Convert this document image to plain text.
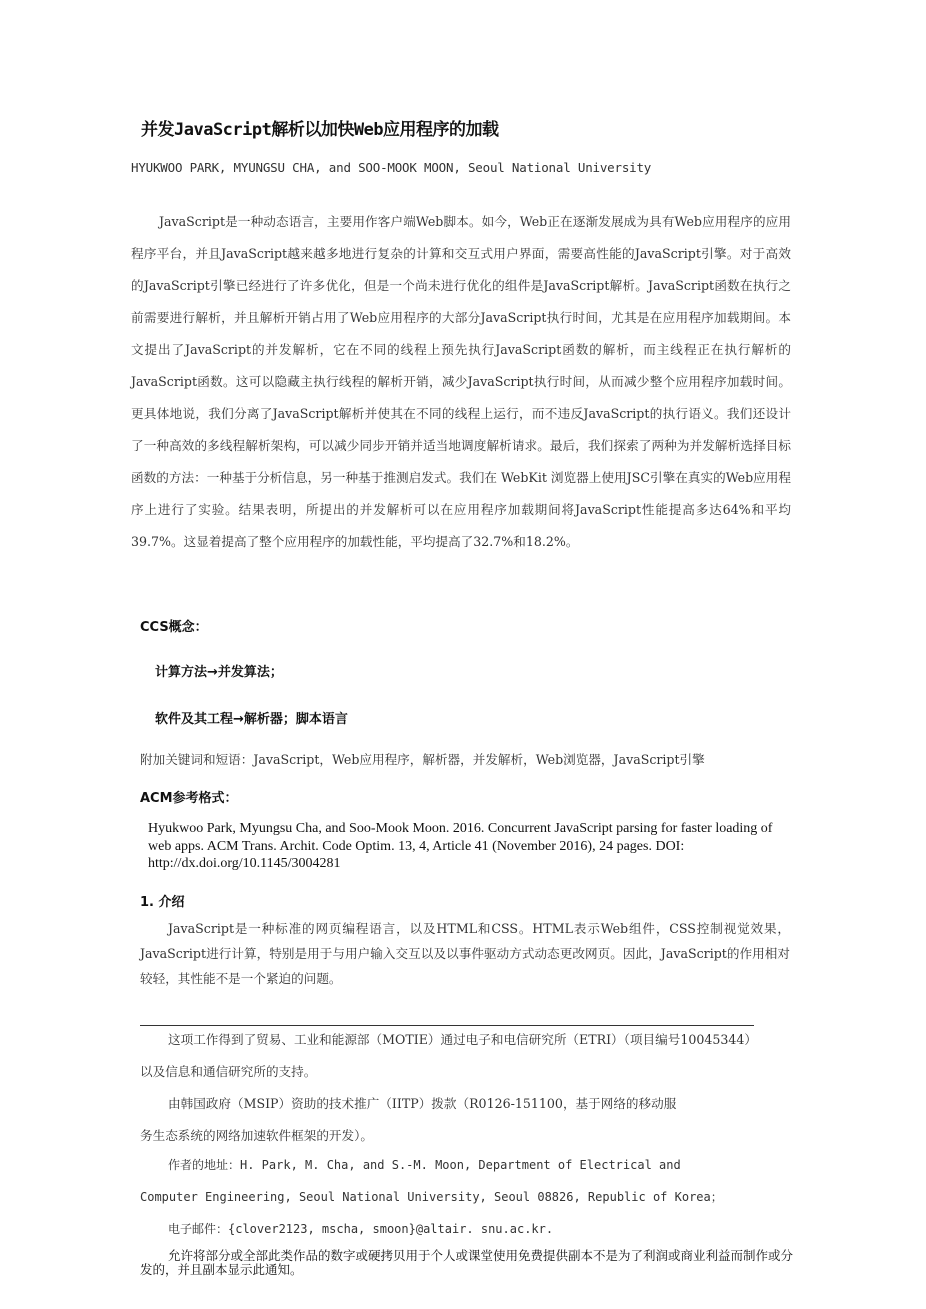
并发JavaScript解析以加快Web应用程序的加载
HYUKWOO PARK, MYUNGSU CHA, and SOO-MOOK MOON, Seoul National University

JavaScript是一种动态语言，主要用作客户端Web脚本。如今，Web正在逐渐发展成为具有Web应用程序的应用程序平台，并且JavaScript越来越多地进行复杂的计算和交互式用户界面，需要高性能的JavaScript引擎。对于高效的JavaScript引擎已经进行了许多优化，但是一个尚未进行优化的组件是JavaScript解析。JavaScript函数在执行之前需要进行解析，并且解析开销占用了Web应用程序的大部分JavaScript执行时间，尤其是在应用程序加载期间。本文提出了JavaScript的并发解析，它在不同的线程上预先执行JavaScript函数的解析，而主线程正在执行解析的JavaScript函数。这可以隐藏主执行线程的解析开销，减少JavaScript执行时间，从而减少整个应用程序加载时间。更具体地说，我们分离了JavaScript解析并使其在不同的线程上运行，而不违反JavaScript的执行语义。我们还设计了一种高效的多线程解析架构，可以减少同步开销并适当地调度解析请求。最后，我们探索了两种为并发解析选择目标函数的方法：一种基于分析信息，另一种基于推测启发式。我们在 WebKit 浏览器上使用JSC引擎在真实的Web应用程序上进行了实验。结果表明，所提出的并发解析可以在应用程序加载期间将JavaScript性能提高多达64%和平均39.7%。这显着提高了整个应用程序的加载性能，平均提高了32.7%和18.2%。

CCS概念：
计算方法→并发算法；
软件及其工程→解析器；脚本语言
附加关键词和短语：JavaScript，Web应用程序，解析器，并发解析，Web浏览器，JavaScript引擎
ACM参考格式：
Hyukwoo Park, Myungsu Cha, and Soo-Mook Moon. 2016. Concurrent JavaScript parsing for faster loading of web apps. ACM Trans. Archit. Code Optim. 13, 4, Article 41 (November 2016), 24 pages. DOI: http://dx.doi.org/10.1145/3004281
1. 介绍

JavaScript是一种标准的网页编程语言，以及HTML和CSS。HTML表示Web组件，CSS控制视觉效果，JavaScript进行计算，特别是用于与用户输入交互以及以事件驱动方式动态更改网页。因此，JavaScript的作用相对较轻，其性能不是一个紧迫的问题。

这项工作得到了贸易、工业和能源部（MOTIE）通过电子和电信研究所（ETRI）（项目编号10045344）
以及信息和通信研究所的支持。
由韩国政府（MSIP）资助的技术推广（IITP）拨款（R0126-151100，基于网络的移动服
务生态系统的网络加速软件框架的开发）。
作者的地址：H. Park, M. Cha, and S.-M. Moon, Department of Electrical and
Computer Engineering, Seoul National University, Seoul 08826, Republic of Korea；
电子邮件：{clover2123, mscha, smoon}@altair. snu.ac.kr.
允许将部分或全部此类作品的数字或硬拷贝用于个人或课堂使用免费提供副本不是为了利润或商业利益而制作或分发的，并且副本显示此通知。
